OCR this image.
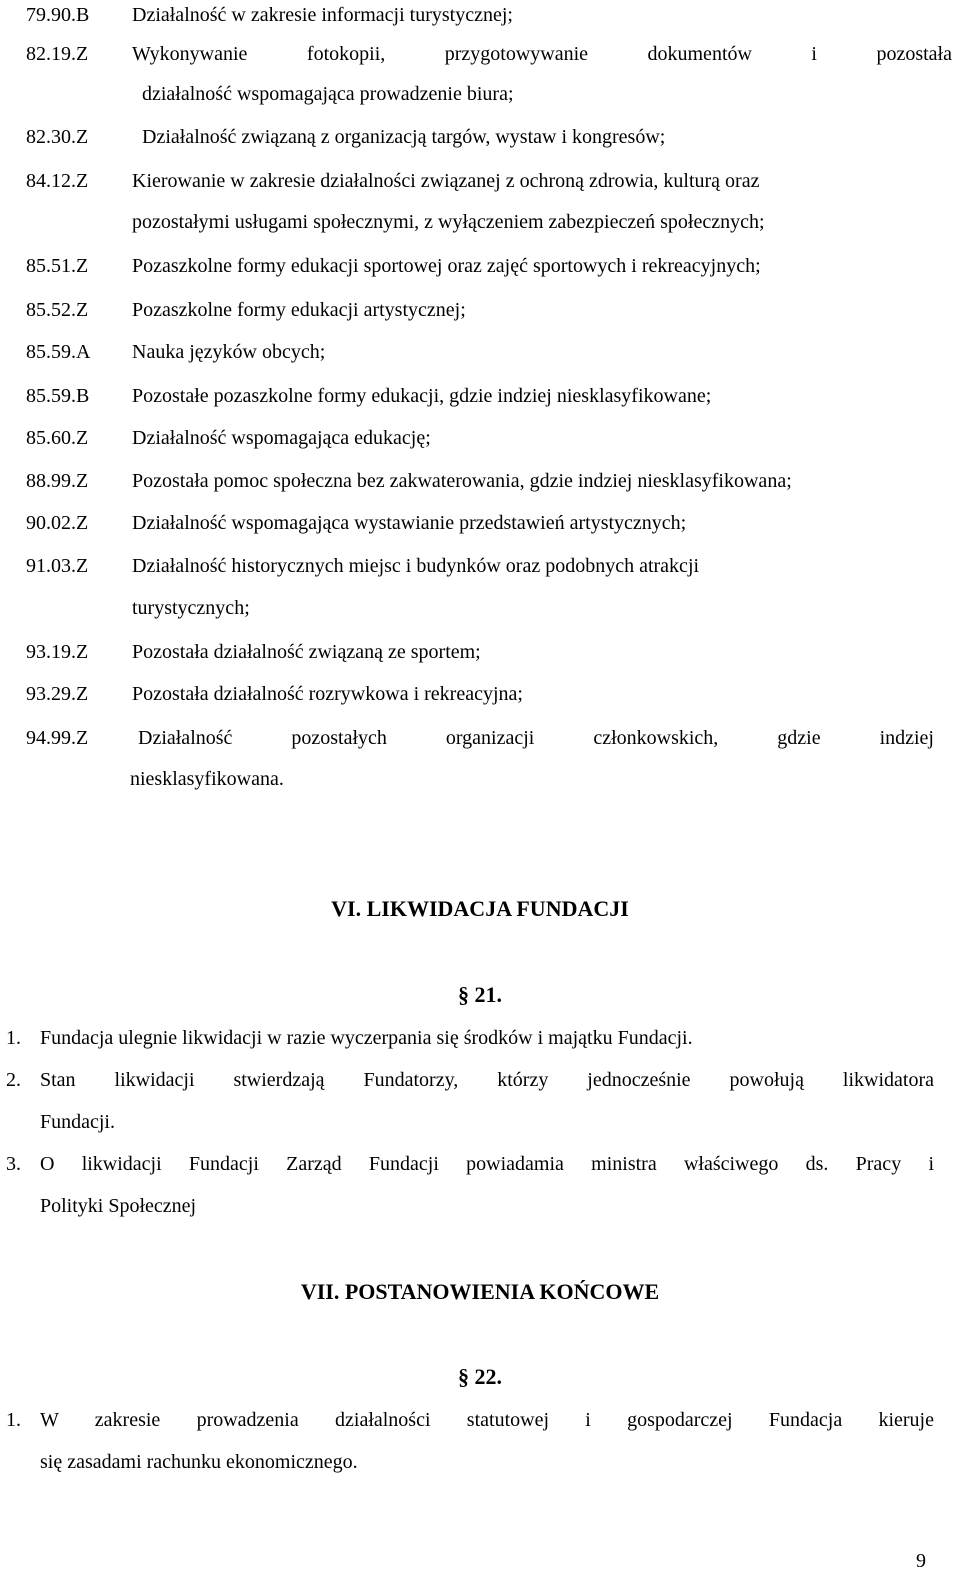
79.90.B Działalność w zakresie informacji turystycznej;
82.19.Z Wykonywanie fotokopii, przygotowywanie dokumentów i pozostała
działalność wspomagająca prowadzenie biura;
82.30.Z	Działalność związaną z organizacją targów, wystaw i kongresów;
84.12.Z Kierowanie w zakresie działalności związanej z ochroną zdrowia, kulturą oraz
pozostałymi usługami społecznymi, z wyłączeniem zabezpieczeń społecznych;
85.51.Z Pozaszkolne formy edukacji sportowej oraz zajęć sportowych i rekreacyjnych;
85.52.Z Pozaszkolne formy edukacji artystycznej;
85.59.A Nauka języków obcych;
85.59.B Pozostałe pozaszkolne formy edukacji, gdzie indziej niesklasyfikowane;
85.60.Z Działalność wspomagająca edukację;
88.99.Z Pozostała pomoc społeczna bez zakwaterowania, gdzie indziej niesklasyfikowana;
90.02.Z Działalność wspomagająca wystawianie przedstawień artystycznych;
91.03.Z Działalność historycznych miejsc i budynków oraz podobnych atrakcji
turystycznych;
93.19.Z Pozostała działalność związaną ze sportem;
93.29.Z Pozostała działalność rozrywkowa i rekreacyjna;
94.99.Z Działalność pozostałych organizacji członkowskich, gdzie indziej
niesklasyfikowana.
VI. LIKWIDACJA FUNDACJI
§ 21.
1. Fundacja ulegnie likwidacji w razie wyczerpania się środków i majątku Fundacji.
2. Stan likwidacji stwierdzają Fundatorzy, którzy jednocześnie powołują likwidatora
Fundacji.
3. O likwidacji Fundacji Zarząd Fundacji powiadamia ministra właściwego ds. Pracy i
Polityki Społecznej
VII. POSTANOWIENIA KOŃCOWE
§ 22.
1. W zakresie prowadzenia działalności statutowej i gospodarczej Fundacja kieruje
się zasadami rachunku ekonomicznego.
9
